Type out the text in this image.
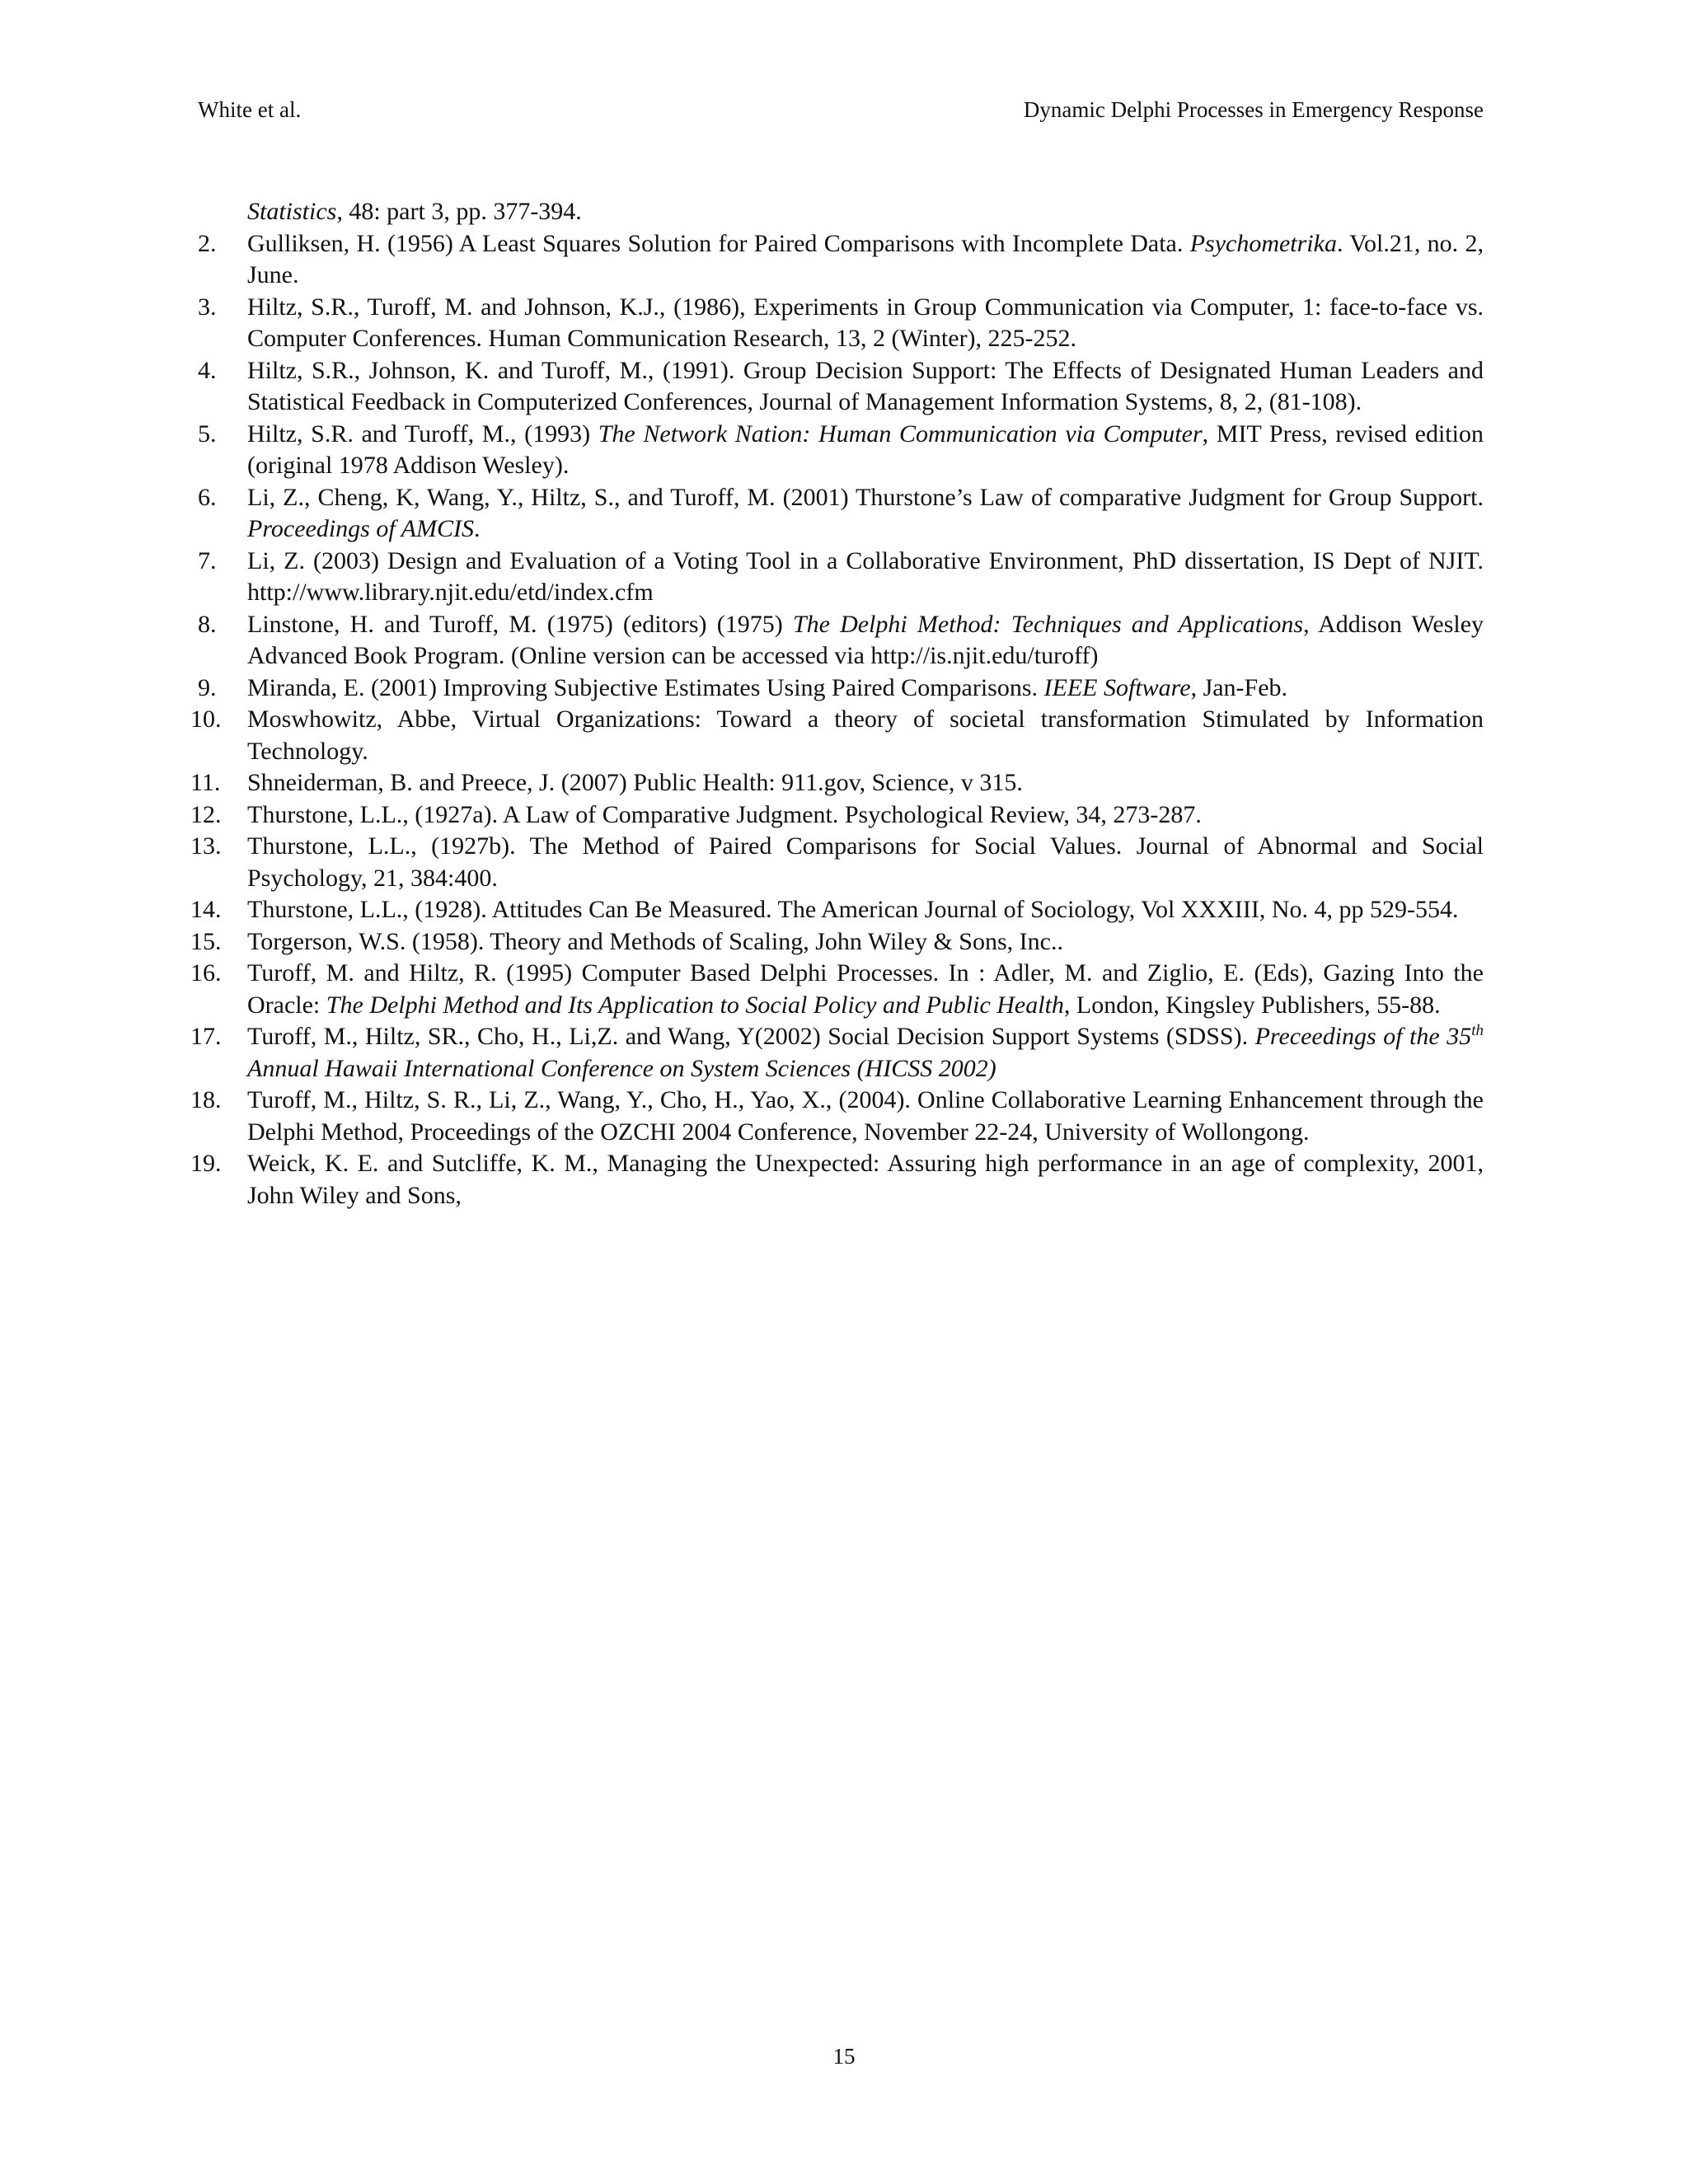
White et al.	Dynamic Delphi Processes in Emergency Response
Statistics, 48: part 3, pp. 377-394.
2.	Gulliksen, H. (1956) A Least Squares Solution for Paired Comparisons with Incomplete Data. Psychometrika. Vol.21, no. 2, June.
3.	Hiltz, S.R., Turoff, M. and Johnson, K.J., (1986), Experiments in Group Communication via Computer, 1: face-to-face vs. Computer Conferences. Human Communication Research, 13, 2 (Winter), 225-252.
4.	Hiltz, S.R., Johnson, K. and Turoff, M., (1991). Group Decision Support: The Effects of Designated Human Leaders and Statistical Feedback in Computerized Conferences, Journal of Management Information Systems, 8, 2, (81-108).
5.	Hiltz, S.R. and Turoff, M., (1993) The Network Nation: Human Communication via Computer, MIT Press, revised edition (original 1978 Addison Wesley).
6.	Li, Z., Cheng, K, Wang, Y., Hiltz, S., and Turoff, M. (2001) Thurstone’s Law of comparative Judgment for Group Support. Proceedings of AMCIS.
7.	Li, Z. (2003) Design and Evaluation of a Voting Tool in a Collaborative Environment, PhD dissertation, IS Dept of NJIT. http://www.library.njit.edu/etd/index.cfm
8.	Linstone, H. and Turoff, M. (1975) (editors) (1975) The Delphi Method: Techniques and Applications, Addison Wesley Advanced Book Program. (Online version can be accessed via http://is.njit.edu/turoff)
9.	Miranda, E. (2001) Improving Subjective Estimates Using Paired Comparisons. IEEE Software, Jan-Feb.
10.	Moswhowitz, Abbe, Virtual Organizations: Toward a theory of societal transformation Stimulated by Information Technology.
11.	Shneiderman, B. and Preece, J. (2007) Public Health: 911.gov, Science, v 315.
12.	Thurstone, L.L., (1927a). A Law of Comparative Judgment. Psychological Review, 34, 273-287.
13.	Thurstone, L.L., (1927b). The Method of Paired Comparisons for Social Values. Journal of Abnormal and Social Psychology, 21, 384:400.
14.	Thurstone, L.L., (1928). Attitudes Can Be Measured. The American Journal of Sociology, Vol XXXIII, No. 4, pp 529-554.
15.	Torgerson, W.S. (1958). Theory and Methods of Scaling, John Wiley & Sons, Inc..
16.	Turoff, M. and Hiltz, R. (1995) Computer Based Delphi Processes. In : Adler, M. and Ziglio, E. (Eds), Gazing Into the Oracle: The Delphi Method and Its Application to Social Policy and Public Health, London, Kingsley Publishers, 55-88.
17.	Turoff, M., Hiltz, SR., Cho, H., Li,Z. and Wang, Y(2002) Social Decision Support Systems (SDSS). Preceedings of the 35th Annual Hawaii International Conference on System Sciences (HICSS 2002)
18.	Turoff, M., Hiltz, S. R., Li, Z., Wang, Y., Cho, H., Yao, X., (2004). Online Collaborative Learning Enhancement through the Delphi Method, Proceedings of the OZCHI 2004 Conference, November 22-24, University of Wollongong.
19.	Weick, K. E. and Sutcliffe, K. M., Managing the Unexpected: Assuring high performance in an age of complexity, 2001, John Wiley and Sons,
15
